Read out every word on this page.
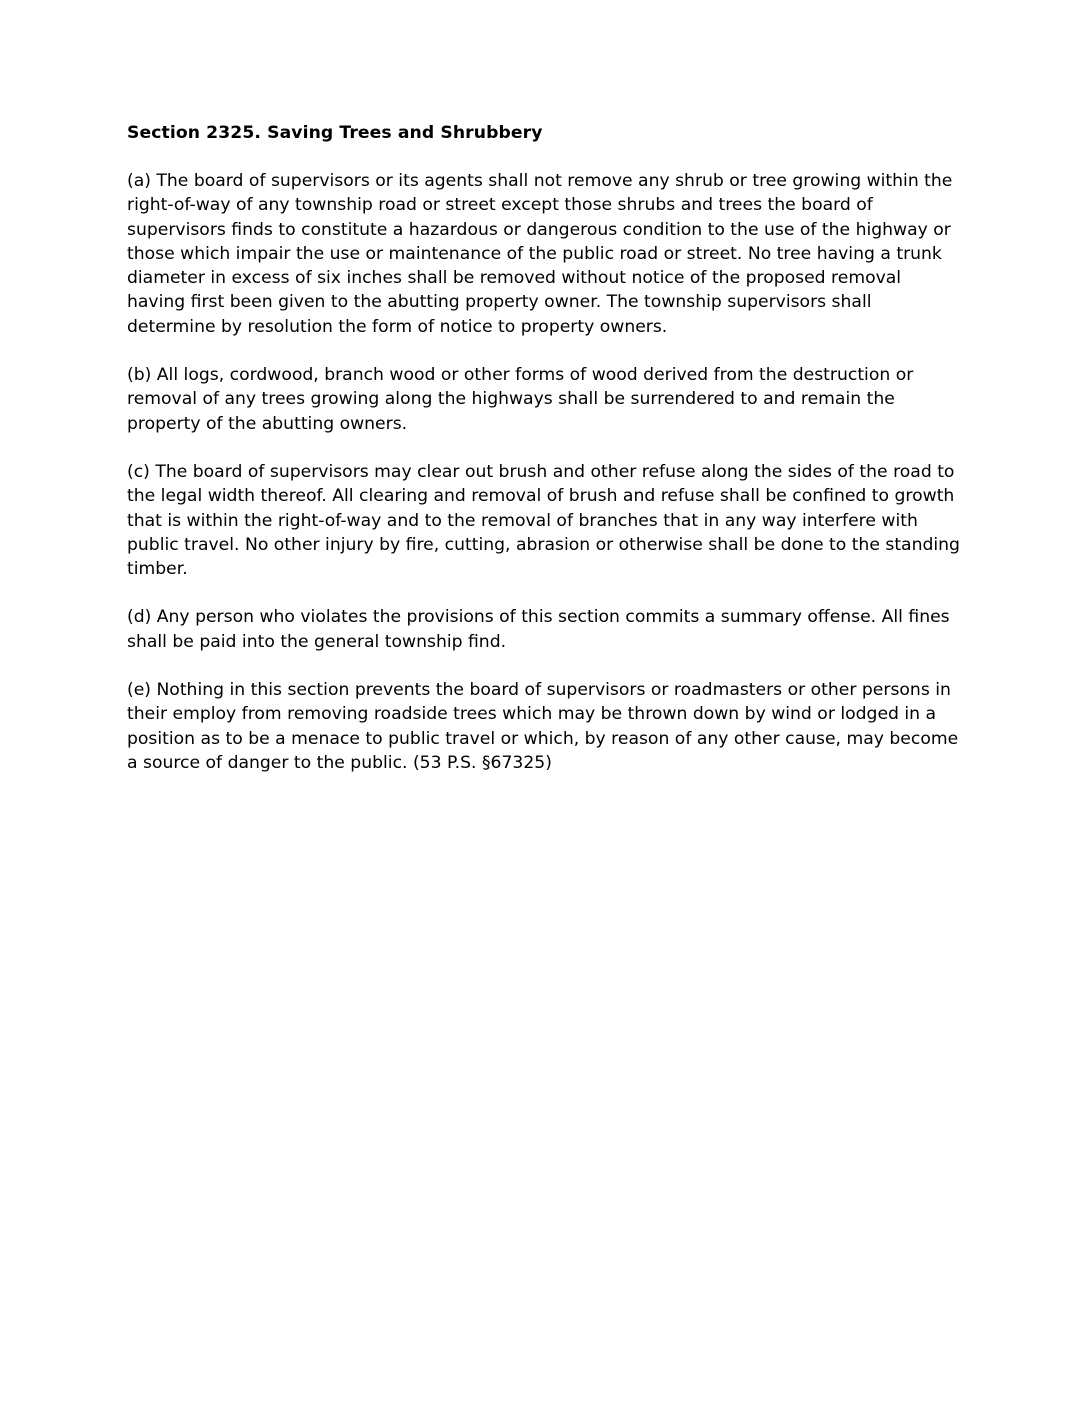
Section 2325. Saving Trees and Shrubbery

(a) The board of supervisors or its agents shall not remove any shrub or tree growing within the right-of-way of any township road or street except those shrubs and trees the board of supervisors finds to constitute a hazardous or dangerous condition to the use of the highway or those which impair the use or maintenance of the public road or street. No tree having a trunk diameter in excess of six inches shall be removed without notice of the proposed removal having first been given to the abutting property owner. The township supervisors shall determine by resolution the form of notice to property owners.

(b) All logs, cordwood, branch wood or other forms of wood derived from the destruction or removal of any trees growing along the highways shall be surrendered to and remain the property of the abutting owners.

(c) The board of supervisors may clear out brush and other refuse along the sides of the road to the legal width thereof. All clearing and removal of brush and refuse shall be confined to growth that is within the right-of-way and to the removal of branches that in any way interfere with public travel. No other injury by fire, cutting, abrasion or otherwise shall be done to the standing timber.

(d) Any person who violates the provisions of this section commits a summary offense. All fines shall be paid into the general township find.

(e) Nothing in this section prevents the board of supervisors or roadmasters or other persons in their employ from removing roadside trees which may be thrown down by wind or lodged in a position as to be a menace to public travel or which, by reason of any other cause, may become a source of danger to the public. (53 P.S. §67325)
